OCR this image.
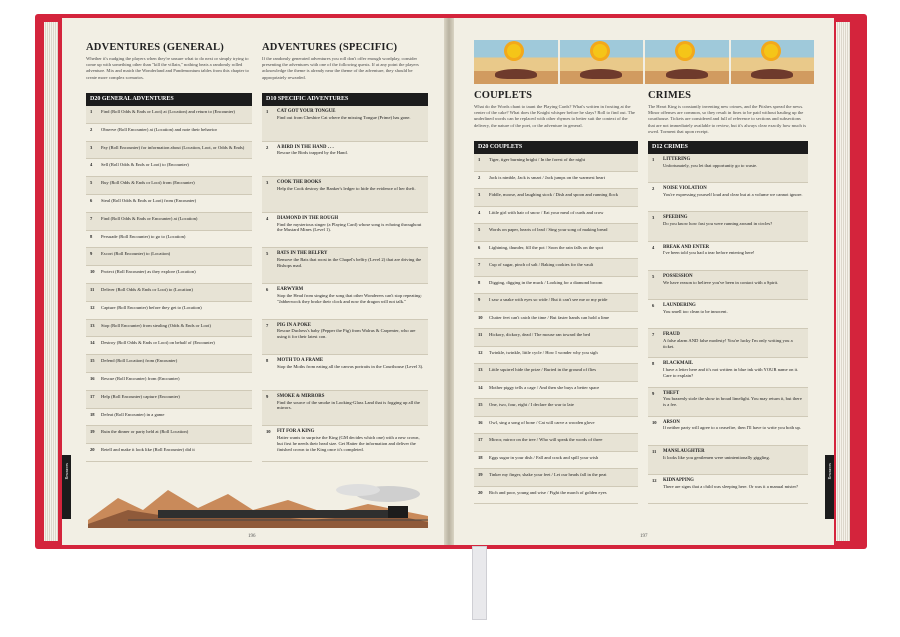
ADVENTURES (GENERAL)
Whether it's nudging the players when they're unsure what to do next or simply trying to come up with something other than "kill the villain," nothing beats a randomly rolled adventure. Mix and match the Wonderland and Pandemonium tables from this chapter to create more complex scenarios.
D20 GENERAL ADVENTURES
1	Find (Roll Odds & Ends or Loot) at (Location) and return to (Encounter)
2	Observe (Roll Encounter) at (Location) and note their behavior
3	Pay (Roll Encounter) for information about (Location, Loot, or Odds & Ends)
4	Sell (Roll Odds & Ends or Loot) to (Encounter)
5	Buy (Roll Odds & Ends or Loot) from (Encounter)
6	Steal (Roll Odds & Ends or Loot) from (Encounter)
7	Find (Roll Odds & Ends or Encounter) at (Location)
8	Persuade (Roll Encounter) to go to (Location)
9	Escort (Roll Encounter) to (Location)
10	Protect (Roll Encounter) as they explore (Location)
11	Deliver (Roll Odds & Ends or Loot) to (Location)
12	Capture (Roll Encounter) before they get to (Location)
13	Stop (Roll Encounter) from stealing (Odds & Ends or Loot)
14	Destroy (Roll Odds & Ends or Loot) on behalf of (Encounter)
15	Defend (Roll Location) from (Encounter)
16	Rescue (Roll Encounter) from (Encounter)
17	Help (Roll Encounter) capture (Encounter)
18	Defeat (Roll Encounter) in a game
19	Ruin the dinner or party held at (Roll Location)
20	Retell and make it look like (Roll Encounter) did it
ADVENTURES (SPECIFIC)
If the randomly generated adventures you roll don't offer enough wordplay, consider presenting the adventures with one of the following quests. If at any point the players acknowledge the theme is already near the theme of the adventure, they should be appropriately rewarded.
D10 SPECIFIC ADVENTURES
1	CAT GOT YOUR TONGUE
Find out from Cheshire Cat where the missing Tongue (Prime) has gone.
2	A BIRD IN THE HAND . . .
Rescue the Birds trapped by the Hand.
3	COOK THE BOOKS
Help the Cook destroy the Banker's ledger to hide the evidence of her theft.
4	DIAMOND IN THE ROUGH
Find the mysterious singer (a Playing Card) whose song is echoing throughout the Mustard Mines (Level 1).
5	BATS IN THE BELFRY
Remove the Bats that roost in the Chapel's belfry (Level 2) that are driving the Bishops mad.
6	EARWYRM
Stop the Head from singing the song that other Wonderers can't stop repeating: "Jabberwock they broke their clock and now the dragon will not talk."
7	PIG IN A POKE
Rescue Duchess's baby (Pepper the Pig) from Walrus & Carpenter, who are using it for their latest con.
8	MOTH TO A FRAME
Stop the Moths from eating all the canvas portraits in the Courthouse (Level 3).
9	SMOKE & MIRRORS
Find the source of the smoke in Looking-Glass Land that is fogging up all the mirrors.
10	FIT FOR A KING
Hatter wants to surprise the King (GM decides which one) with a new crown, but first he needs their head size. Get Hatter the information and deliver the finished crown to the King once it's completed.
196
Resources
COUPLETS
What do the Words chant to taunt the Playing Cards? What's written in frosting at the center of the cake? What does the Knight whisper before he slays? Roll to find out. The underlined words can be replaced with other rhymes to better suit the context of the delivery, the nature of the poet, or the adventure in general.
D20 COUPLETS
1	Tiger, tiger burning bright / In the forest of the night
2	Jack is nimble, Jack is smart / Jack jumps on the warmest heart
3	Fiddle, moose, and laughing stock / Dish and spoon and running flock
4	Little girl with hair of snow / Eat your meal of curds and crow
5	Words on paper, hearts of lead / Sing your song of making bread
6	Lightning, thunder, fill the pot / Soon the rain falls on the spot
7	Cup of sugar, pinch of salt / Baking cookies for the vault
8	Digging, digging in the muck / Looking for a diamond broom
9	I saw a snake with eyes so wide / But it can't see me or my pride
10	Clutter feet can't catch the time / But faster hands can hold a lime
11	Hickory, dickory, dead / The mouse ran toward the bed
12	Twinkle, twinkle, little cycle / How I wonder why you sigh
13	Little squirrel hide the prize / Buried in the ground of flies
14	Mother piggy tells a cage / And then she buys a better space
15	One, two, four, eight / I declare the war to late
16	Owl, sing a song of bone / Cat will carve a wooden glove
17	Mirror, mirror on the tree / Who will speak the words of three
18	Eggs sugar in your dish / Fall and crack and spill your wish
19	Tinker my finger, shake your feet / Let our heads fall in the peat
20	Rich and poor, young and wise / Fight the march of golden eyes
CRIMES
The Heart King is constantly inventing new crimes, and the Pitshes spread the news. Minor offenses are common, so they result in fines to be paid without hauling up the courthouse. Tickets are considered and full of reference to sections and subsections that are not immediately available to review, but it's always clear exactly how much is owed. Torment that upon receipt.
D12 CRIMES
1	LITTERING
Unfortunately, you let that opportunity go to waste.
2	NOISE VIOLATION
You're expressing yourself loud and clear but at a volume we cannot ignore.
3	SPEEDING
Do you know how fast you were running around in circles?
4	BREAK AND ENTER
I've been told you had a tear before entering here!
5	POSSESSION
We have reason to believe you've been in contact with a Spirit.
6	LAUNDERING
You smell too clean to be innocent.
7	FRAUD
A false alarm AND false modesty! You're lucky I'm only writing you a ticket.
8	BLACKMAIL
I have a letter here and it's not written in blue ink with YOUR name on it. Care to explain?
9	THEFT
You brazenly stole the show in broad limelight. You may return it, but there is a fee.
10	ARSON
If neither party will agree to a ceasefire, then I'll have to write you both up.
11	MANSLAUGHTER
It looks like you gentlemen were unintentionally giggling.
12	KIDNAPPING
There are signs that a child was sleeping here. Or was it a manual mister?
197
Resources
